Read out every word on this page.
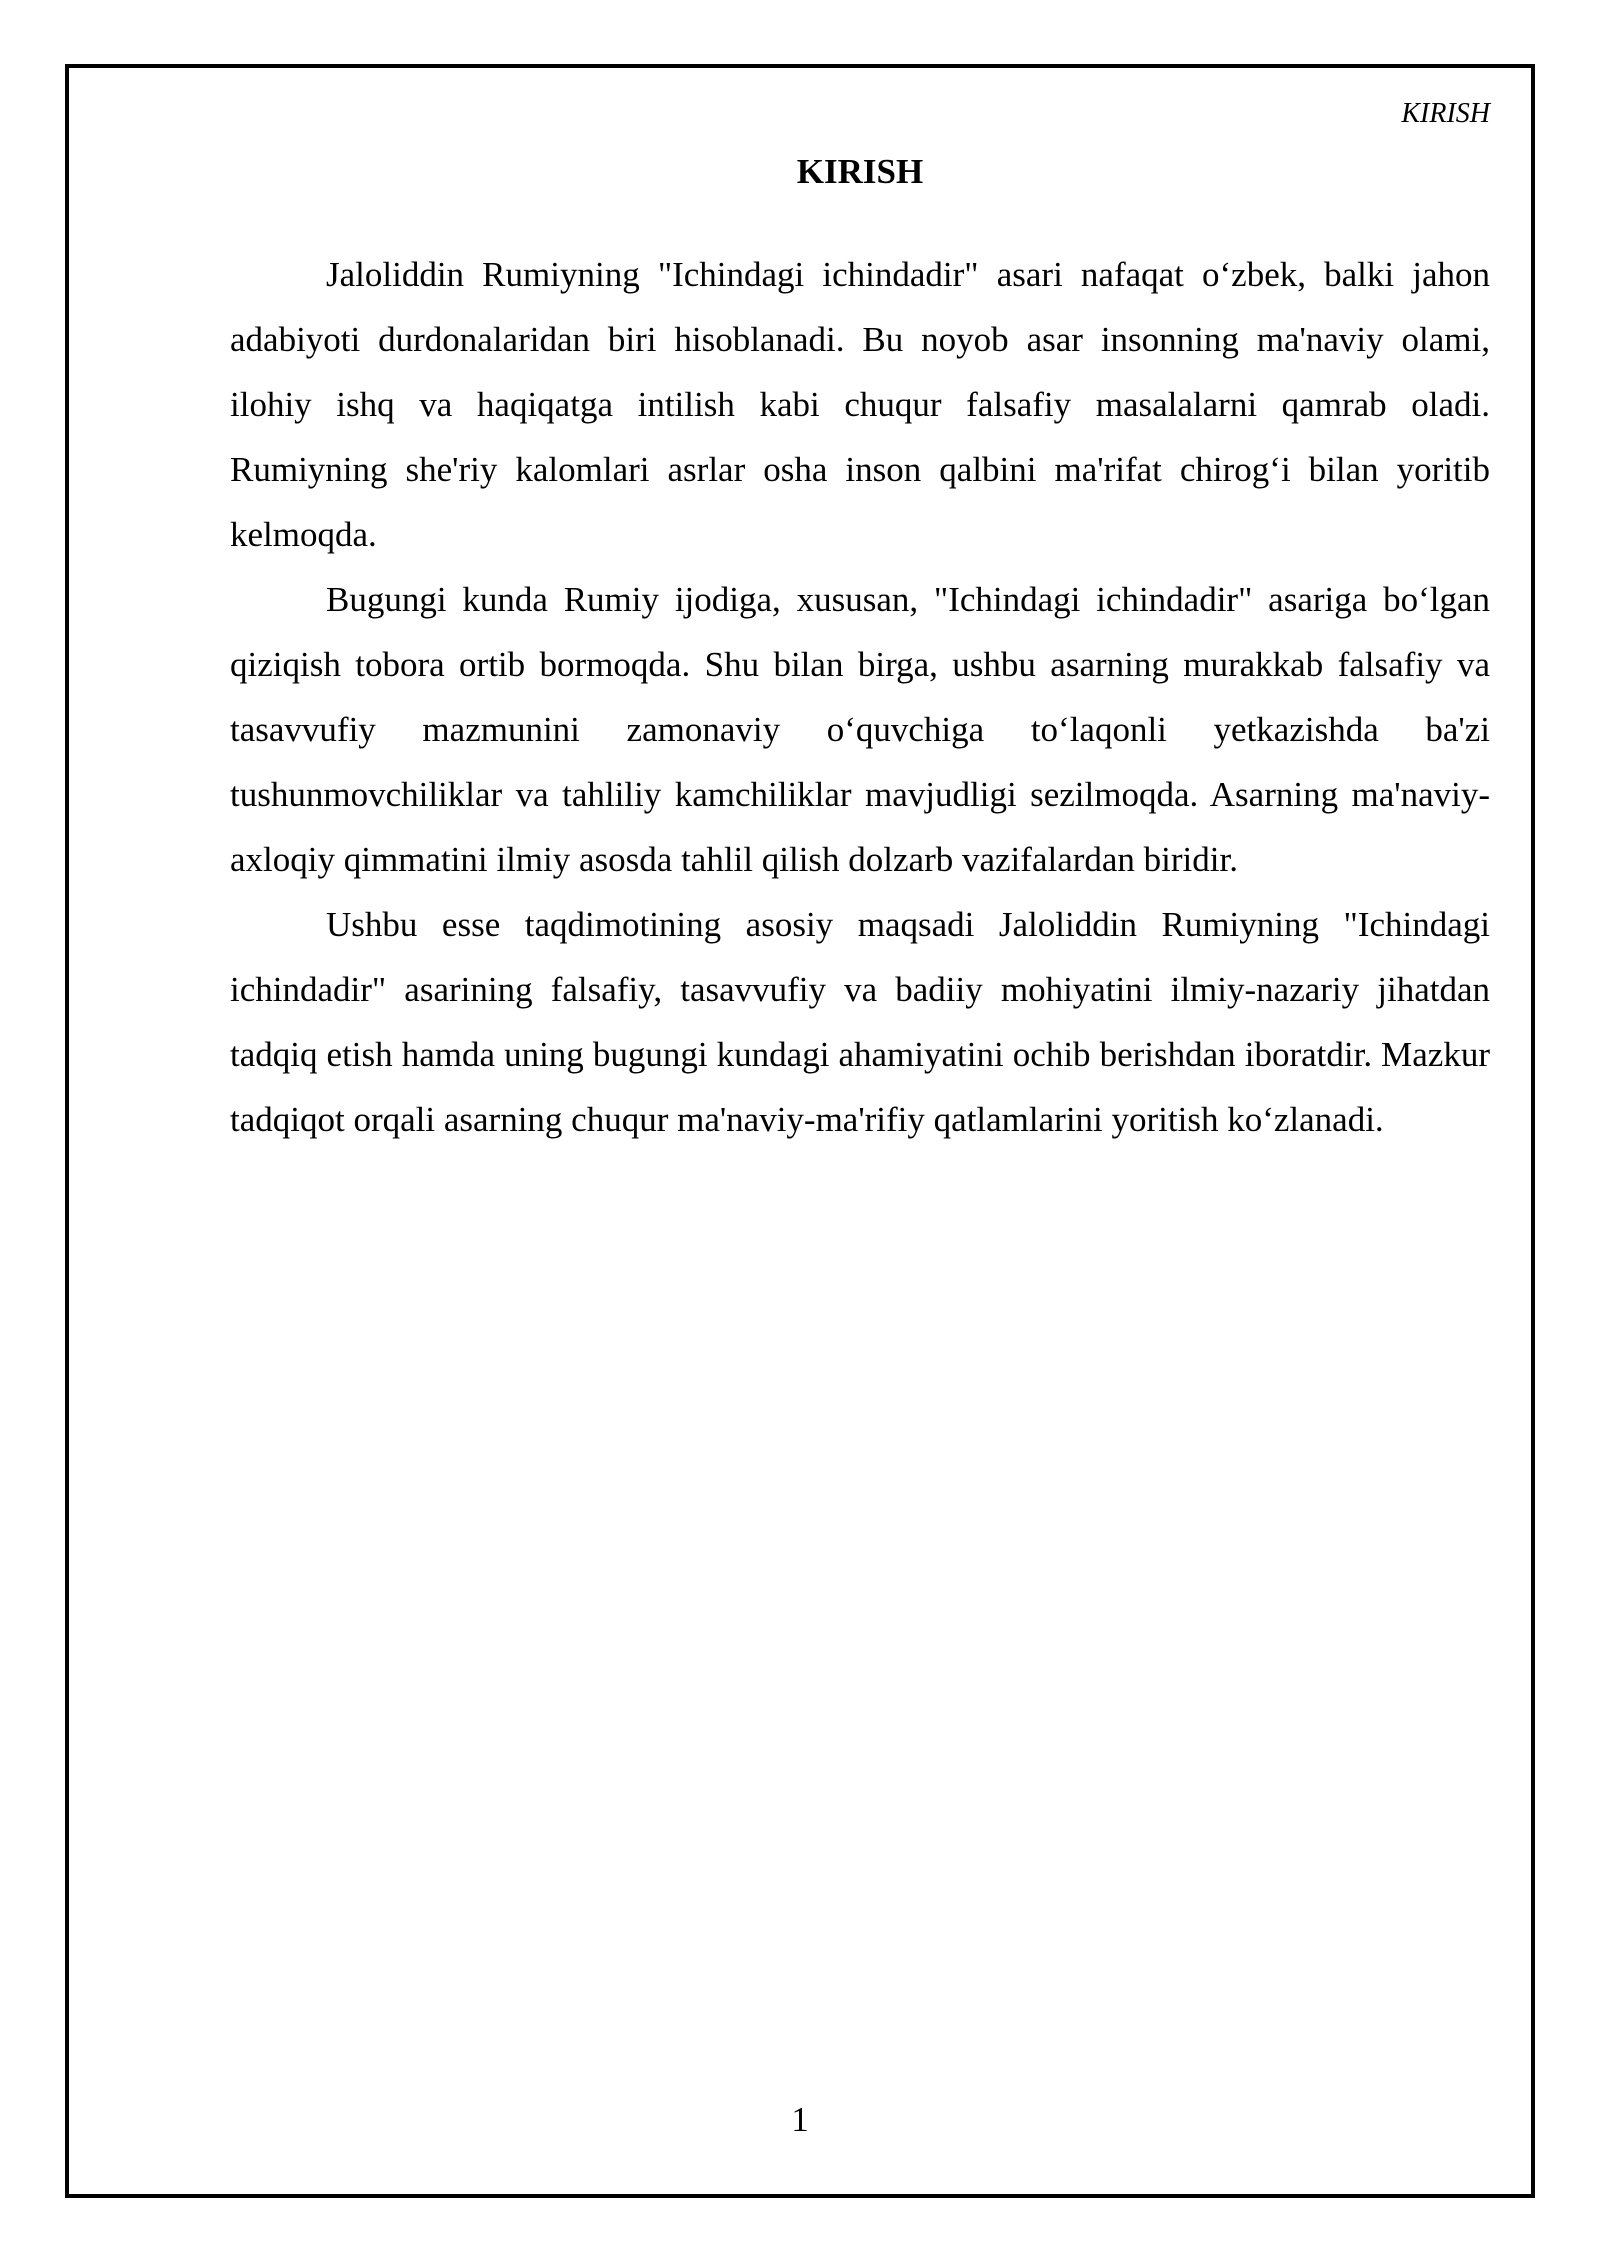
KIRISH
KIRISH

Jaloliddin Rumiyning "Ichindagi ichindadir" asari nafaqat o‘zbek, balki jahon adabiyoti durdonalaridan biri hisoblanadi. Bu noyob asar insonning ma'naviy olami, ilohiy ishq va haqiqatga intilish kabi chuqur falsafiy masalalarni qamrab oladi. Rumiyning she'riy kalomlari asrlar osha inson qalbini ma'rifat chirog‘i bilan yoritib kelmoqda.

Bugungi kunda Rumiy ijodiga, xususan, "Ichindagi ichindadir" asariga bo‘lgan qiziqish tobora ortib bormoqda. Shu bilan birga, ushbu asarning murakkab falsafiy va tasavvufiy mazmunini zamonaviy o‘quvchiga to‘laqonli yetkazishda ba'zi tushunmovchiliklar va tahliliy kamchiliklar mavjudligi sezilmoqda. Asarning ma'naviy-axloqiy qimmatini ilmiy asosda tahlil qilish dolzarb vazifalardan biridir.

Ushbu esse taqdimotining asosiy maqsadi Jaloliddin Rumiyning "Ichindagi ichindadir" asarining falsafiy, tasavvufiy va badiiy mohiyatini ilmiy-nazariy jihatdan tadqiq etish hamda uning bugungi kundagi ahamiyatini ochib berishdan iboratdir. Mazkur tadqiqot orqali asarning chuqur ma'naviy-ma'rifiy qatlamlarini yoritish ko‘zlanadi.

1
